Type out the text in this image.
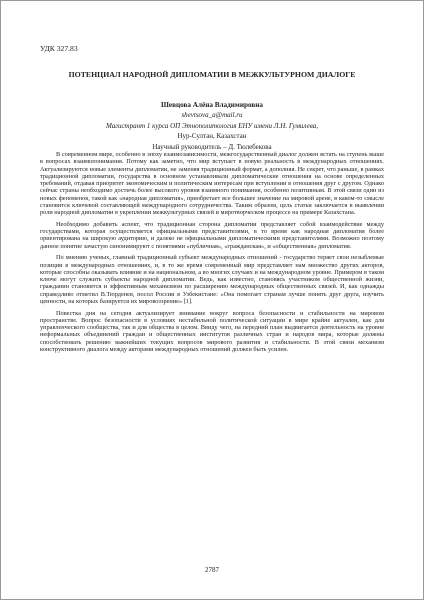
УДК 327.83
ПОТЕНЦИАЛ НАРОДНОЙ ДИПЛОМАТИИ В МЕЖКУЛЬТУРНОМ ДИАЛОГЕ
Шевцова Алёна Владимировна
shevtsova_a@mail.ru
Магистрант 1 курса ОП Этнополитология ЕНУ имени Л.Н. Гумилева,
Нур-Султан, Казахстан
Научный руководитель – Д. Тюлебекова

В современном мире, особенно в эпоху взаимозависимости, межгосударственный диалог должен встать на ступень выше в вопросах взаимопонимания. Потому как заметно, что мир вступает в новую реальность в международных отношениях. Актуализируются новые элементы дипломатии, не заменяя традиционный формат, а дополняя. Не секрет, что раньше, в рамках традиционной дипломатии, государства в основном устанавливали дипломатические отношения на основе определенных требований, отдавая приоритет экономическим и политическим интересам при вступлении в отношения друг с другом. Однако сейчас страны необходимо достичь более высокого уровня взаимного понимания, особенно позитивным. В этой связи один из новых феноменов, такой как «народная дипломатия», приобретает все большее значение на мировой арене, в каком-то смысле становится ключевой составляющей международного сотрудничества. Таким образом, цель статьи заключается в выявлении роли народной дипломатии в укреплении межкультурных связей и миротворческом процессе на примере Казахстана.

Необходимо добавить аспект, что традиционная сторона дипломатии представляет собой взаимодействие между государствами, которая осуществляется официальными представителями, в то время как народная дипломатия более ориентирована на широкую аудиторию, и далеко не официальными дипломатическими представителями. Возможно поэтому данное понятие зачастую синонимируют с понятиями «публичная», «гражданская», и «общественная» дипломатия.

По мнению ученых, главный традиционный субъект международных отношений - государство теряет свои незыблемые позиции в международных отношениях, и, в то же время современный мир представляет нам множество других акторов, которые способны оказывать влияние и на национальном, а во многих случаях и на международном уровне. Примером в таком ключе могут служить субъекты народной дипломатии. Ведь, как известно, становясь участником общественной жизни, гражданин становится и эффективным механизмом по расширению международных общественных связей. И, как однажды справедливо отметил В.Тюрденев, посол России в Узбекистане: «Она помогает странам лучше понять друг друга, изучить ценности, на которых базируется их мировоззрение» [1].

Повестка дня на сегодня актуализирует внимание вокруг вопроса безопасности и стабильности на мировом пространстве. Вопрос безопасности в условиях нестабильной политической ситуации в мире крайне актуален, как для управленческого сообщества, так и для общества в целом. Ввиду чего, на передний план выдвигается деятельность на уровне неформальных объединений граждан и общественных институтов различных стран и народов мира, которые должны способствовать решению важнейших текущих вопросов мирового развития и стабильности. В этой связи механизм конструктивного диалога между акторами международных отношений должен быть усилен.

2787
